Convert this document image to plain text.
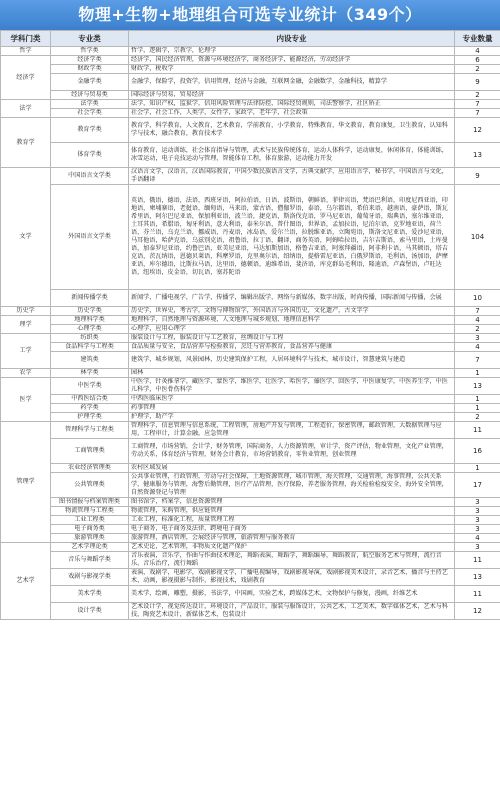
物理+生物+地理组合可选专业统计（349个）
学科门类	专业类	内设专业	专业数量
哲学	哲学类	哲学，逻辑学，宗教学，伦理学	4
经济学	经济学类	经济学，国民经济管理，资源与环境经济学，商务经济学，能源经济，劳动经济学	6
	财政学类	财政学，税收学	2
	金融学类	金融学，保险学，投资学，信用管理，经济与金融，互联网金融，金融数学，金融科技，精算学	9
	经济与贸易类	国际经济与贸易，贸易经济	2
法学	法学类	法学，知识产权，监狱学，信用风险管理与法律防控，国际经贸规则，司法警察学，社区矫正	7
	社会学类	社会学，社会工作，人类学，女性学，家政学，老年学，社会政策	7
教育学	教育学类	教育学，科学教育，人文教育，艺术教育，学前教育，小学教育，特殊教育，华文教育，教育康复，卫生教育，认知科学与技术，融合教育，教育技术学	12
	体育学类	体育教育，运动训练，社会体育指导与管理，武术与民族传统体育，运动人体科学，运动康复，休闲体育，体能训练，冰雪运动，电子竞技运动与管理，智能体育工程，体育旅游，运动能力开发	13
文学	中国语言文学类	汉语言文学，汉语言，汉语国际教育，中国少数民族语言文学，古典文献学，应用语言学，秘书学，中国语言与文化，手语翻译	9
	外国语言文学类	英语，俄语，德语，法语，西班牙语，阿拉伯语，日语，波斯语，朝鲜语，菲律宾语，梵语巴利语，印度尼西亚语，印地语，柬埔寨语，老挝语，缅甸语，马来语，蒙古语，僧伽罗语，泰语，乌尔都语，希伯来语，越南语，豪萨语，斯瓦希里语，阿尔巴尼亚语，保加利亚语，波兰语，捷克语，斯洛伐克语，罗马尼亚语，葡萄牙语，瑞典语，塞尔维亚语，土耳其语，希腊语，匈牙利语，意大利语，泰米尔语，普什图语，世界语，孟加拉语，尼泊尔语，克罗地亚语，荷兰语，芬兰语，乌克兰语，挪威语，丹麦语，冰岛语，爱尔兰语，拉脱维亚语，立陶宛语，斯洛文尼亚语，爱沙尼亚语，马耳他语，哈萨克语，乌兹别克语，祖鲁语，拉丁语，翻译，商务英语，阿姆哈拉语，吉尔吉斯语，索马里语，土库曼语，加泰罗尼亚语，约鲁巴语，亚美尼亚语，马达加斯加语，格鲁吉亚语，阿塞拜疆语，阿非利卡语，马其顿语，塔吉克语，茨瓦纳语，恩德贝莱语，科摩罗语，克里奥尔语，绍纳语，提格雷尼亚语，白俄罗斯语，毛利语，汤加语，萨摩亚语，库尔德语，比斯拉马语，达里语，德顿语，迪维希语，斐济语，库克群岛毛利语，隆迪语，卢森堡语，卢旺达语，纽埃语，皮金语，切瓦语，塞苏陀语	104
	新闻传播学类	新闻学，广播电视学，广告学，传播学，编辑出版学，网络与新媒体，数字出版，时尚传播，国际新闻与传播，会展	10
历史学	历史学类	历史学，世界史，考古学，文物与博物馆学，外国语言与外国历史，文化遗产，古文字学	7
理学	地理科学类	地理科学，自然地理与资源环境，人文地理与城乡规划，地理信息科学	4
	心理学类	心理学，应用心理学	2
工学	纺织类	服装设计与工程，服装设计与工艺教育，丝绸设计与工程	3
	食品科学与工程类	食品质量与安全，食品营养与检验教育，烹饪与营养教育，食品营养与健康	4
	建筑类	建筑学，城乡规划，风景园林，历史建筑保护工程，人居环境科学与技术，城市设计，智慧建筑与建造	7
农学	林学类	园林	1
医学	中医学类	中医学，针灸推拿学，藏医学，蒙医学，维医学，壮医学，哈医学，傣医学，回医学，中医康复学，中医养生学，中医儿科学，中医骨伤科学	13
	中西医结合类	中西医临床医学	1
	药学类	药事管理	1
	护理学类	护理学，助产学	2
管理学	管理科学与工程类	管理科学，信息管理与信息系统，工程管理，房地产开发与管理，工程造价，保密管理，邮政管理，大数据管理与应用，工程审计，计算金融，应急管理	11
	工商管理类	工商管理，市场营销，会计学，财务管理，国际商务，人力资源管理，审计学，资产评估，物业管理，文化产业管理，劳动关系，体育经济与管理，财务会计教育，市场营销教育，零售业管理，创业管理	16
	农业经济管理类	农村区域发展	1
	公共管理类	公共事业管理，行政管理，劳动与社会保障，土地资源管理，城市管理，海关管理，交通管理，海事管理，公共关系学，健康服务与管理，海警后勤管理，医疗产品管理，医疗保险，养老服务管理，海关检验检疫安全，海外安全管理，自然资源登记与管理	17
	图书情报与档案管理类	图书馆学，档案学，信息资源管理	3
	物流管理与工程类	物流管理，采购管理，供应链管理	3
	工业工程类	工业工程，标准化工程，质量管理工程	3
	电子商务类	电子商务，电子商务及法律，跨境电子商务	3
	旅游管理类	旅游管理，酒店管理，会展经济与管理，旅游管理与服务教育	4
艺术学	艺术学理论类	艺术史论，艺术管理，非物质文化遗产保护	3
	音乐与舞蹈学类	音乐表演，音乐学，作曲与作曲技术理论，舞蹈表演，舞蹈学，舞蹈编导，舞蹈教育，航空服务艺术与管理，流行音乐，音乐治疗，流行舞蹈	11
	戏剧与影视学类	表演，戏剧学，电影学，戏剧影视文学，广播电视编导，戏剧影视导演，戏剧影视美术设计，录音艺术，播音与主持艺术，动画，影视摄影与制作，影视技术，戏剧教育	13
	美术学类	美术学，绘画，雕塑，摄影，书法学，中国画，实验艺术，跨媒体艺术，文物保护与修复，漫画，纤维艺术	11
	设计学类	艺术设计学，视觉传达设计，环境设计，产品设计，服装与服饰设计，公共艺术，工艺美术，数字媒体艺术，艺术与科技，陶瓷艺术设计，新媒体艺术，包装设计	12
